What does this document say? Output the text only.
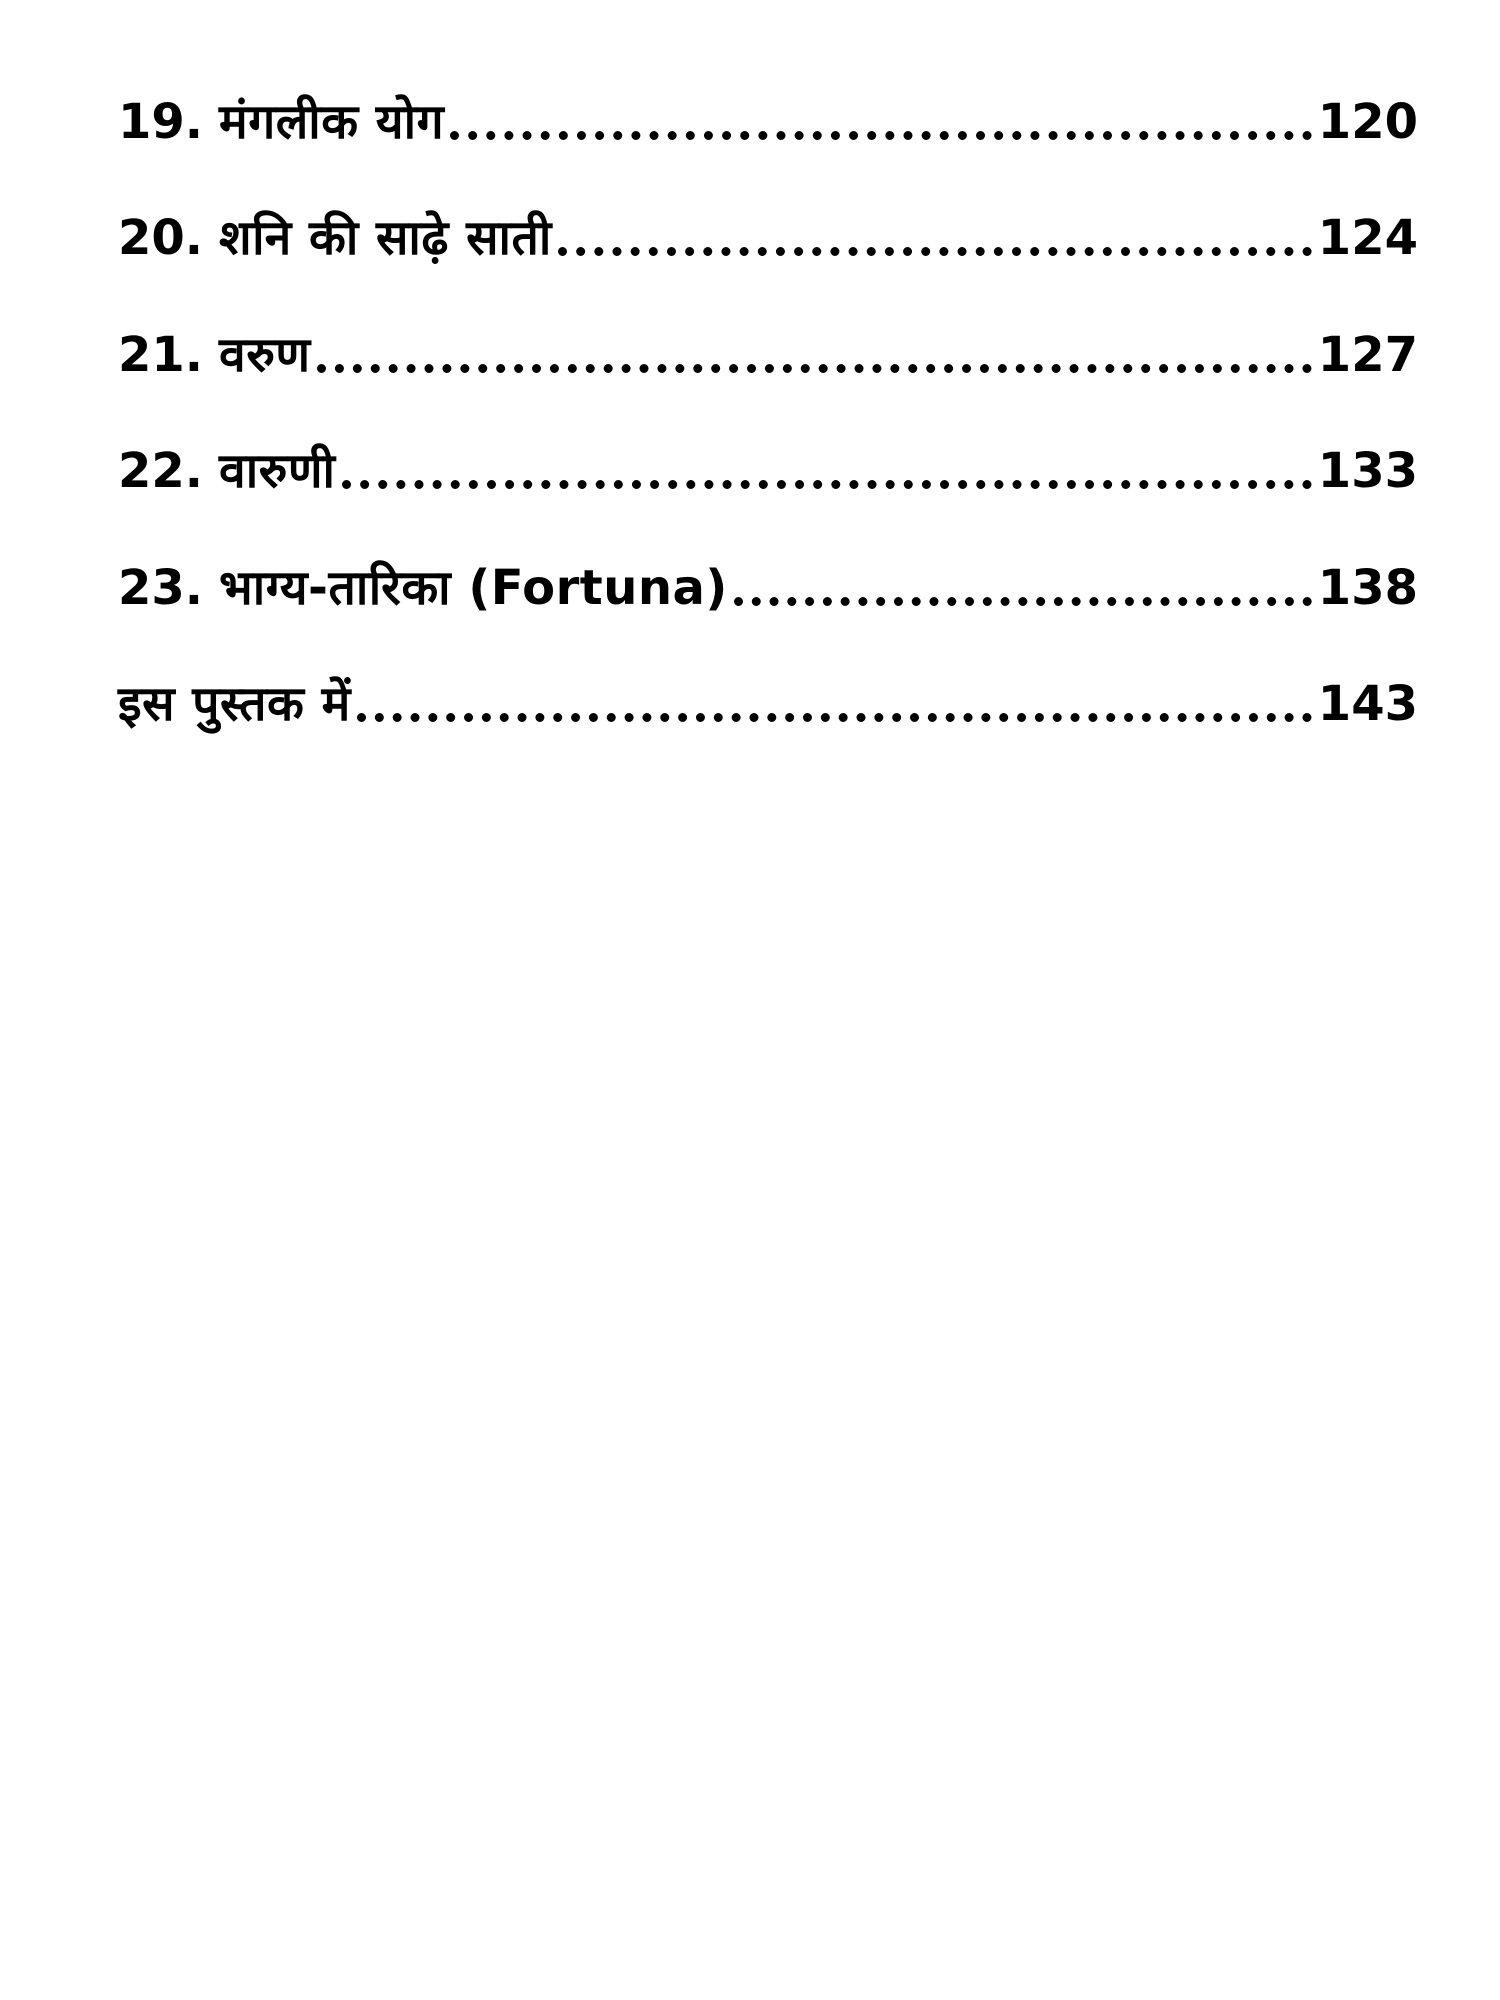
19. मंगलीक योग	120
20. शनि की साढ़े साती	124
21. वरुण	127
22. वारुणी	133
23. भाग्य-तारिका (Fortuna)	138
इस पुस्तक में	143
